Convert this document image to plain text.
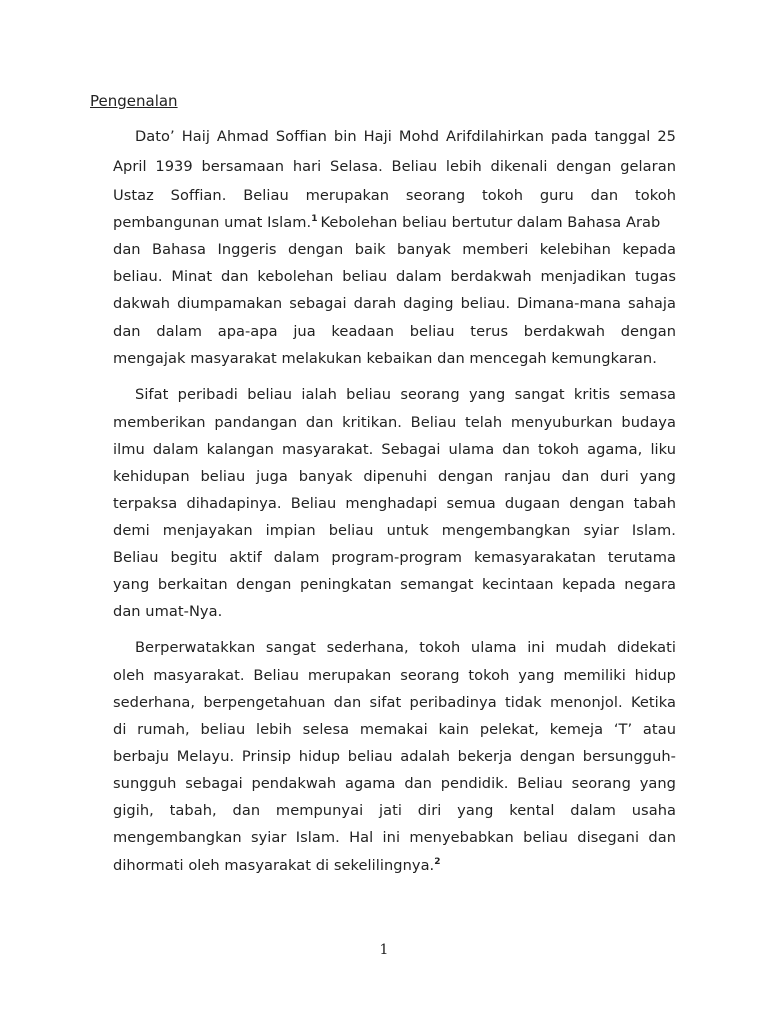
Pengenalan
Dato’ Haij Ahmad Soffian bin Haji Mohd Arifdilahirkan pada tanggal 25
April 1939 bersamaan hari Selasa. Beliau lebih dikenali dengan gelaran
Ustaz Soffian. Beliau merupakan seorang tokoh guru dan tokoh
pembangunan umat Islam.$^1$ Kebolehan beliau bertutur dalam Bahasa Arab
dan Bahasa Inggeris dengan baik banyak memberi kelebihan kepada
beliau. Minat dan kebolehan beliau dalam berdakwah menjadikan tugas
dakwah diumpamakan sebagai darah daging beliau. Dimana-mana sahaja
dan dalam apa-apa jua keadaan beliau terus berdakwah dengan
mengajak masyarakat melakukan kebaikan dan mencegah kemungkaran.
Sifat peribadi beliau ialah beliau seorang yang sangat kritis semasa
memberikan pandangan dan kritikan. Beliau telah menyuburkan budaya
ilmu dalam kalangan masyarakat. Sebagai ulama dan tokoh agama, liku
kehidupan beliau juga banyak dipenuhi dengan ranjau dan duri yang
terpaksa dihadapinya. Beliau menghadapi semua dugaan dengan tabah
demi menjayakan impian beliau untuk mengembangkan syiar Islam.
Beliau begitu aktif dalam program-program kemasyarakatan terutama
yang berkaitan dengan peningkatan semangat kecintaan kepada negara
dan umat-Nya.
Berperwatakkan sangat sederhana, tokoh ulama ini mudah didekati
oleh masyarakat. Beliau merupakan seorang tokoh yang memiliki hidup
sederhana, berpengetahuan dan sifat peribadinya tidak menonjol. Ketika
di rumah, beliau lebih selesa memakai kain pelekat, kemeja ‘T’ atau
berbaju Melayu. Prinsip hidup beliau adalah bekerja dengan bersungguh-
sungguh sebagai pendakwah agama dan pendidik. Beliau seorang yang
gigih, tabah, dan mempunyai jati diri yang kental dalam usaha
mengembangkan syiar Islam. Hal ini menyebabkan beliau disegani dan
dihormati oleh masyarakat di sekelilingnya.$^2$
1
